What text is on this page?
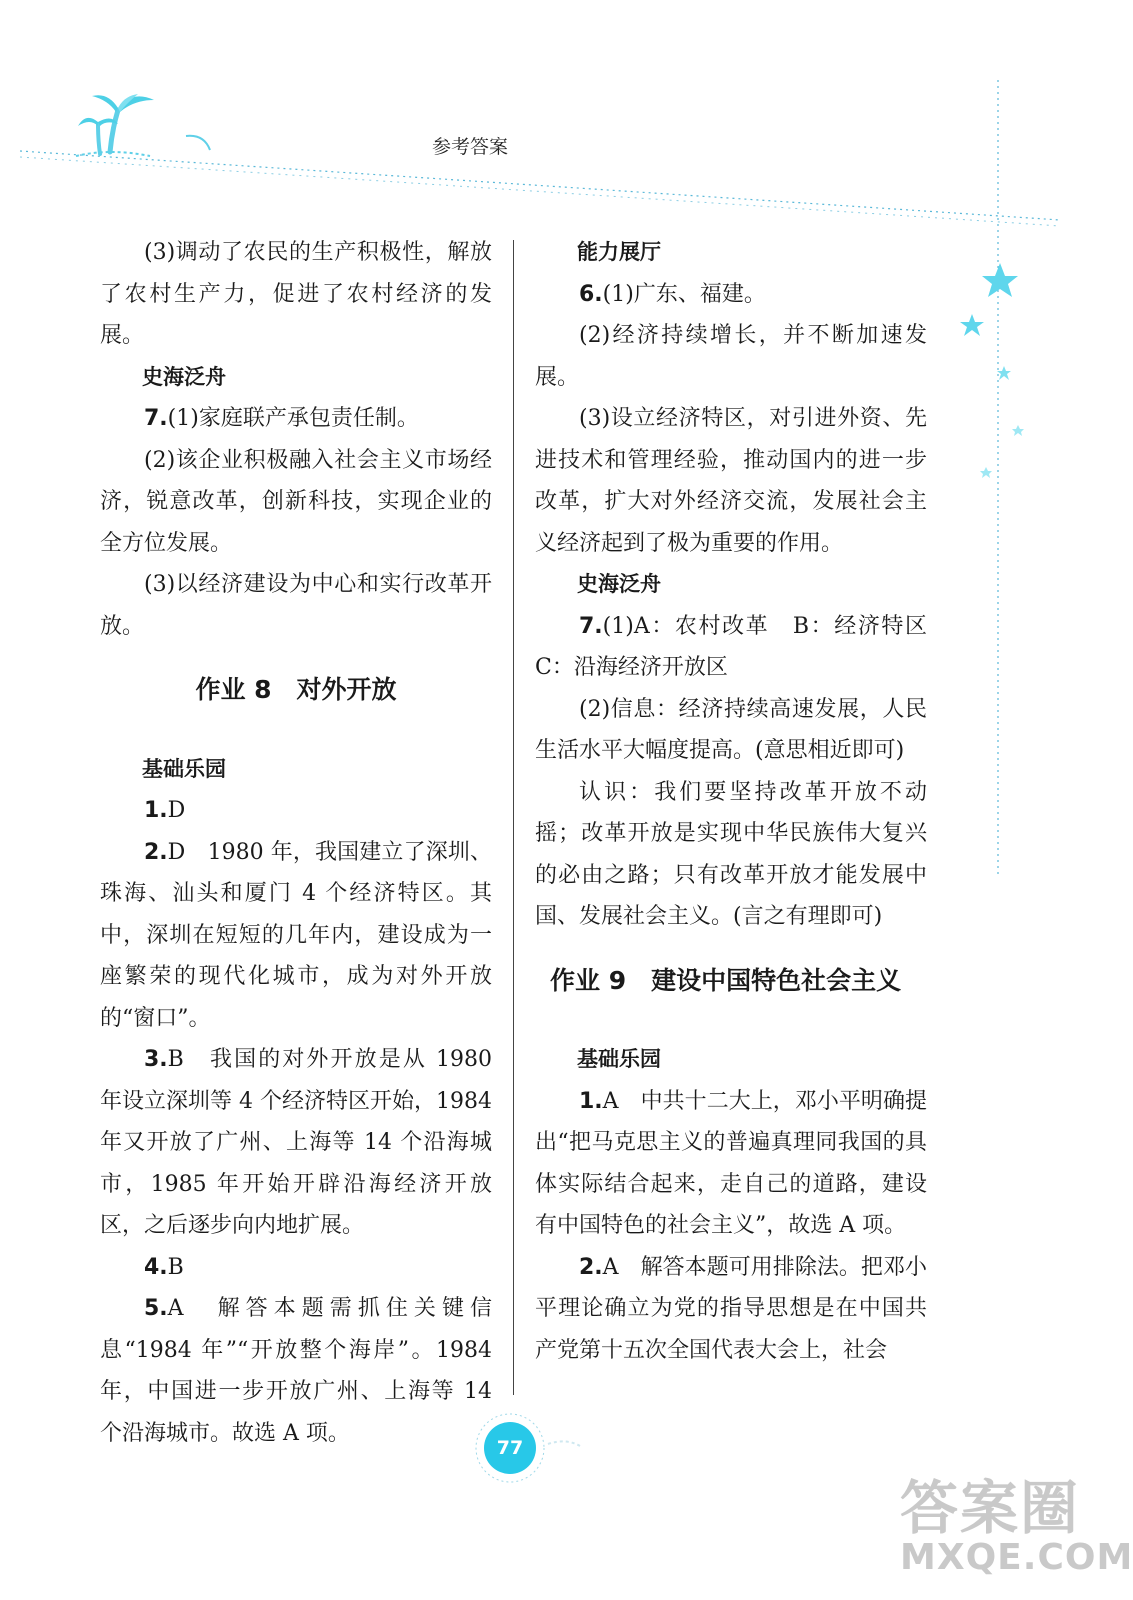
参考答案

(3)调动了农民的生产积极性，解放了农村生产力，促进了农村经济的发展。

史海泛舟

7.(1)家庭联产承包责任制。

(2)该企业积极融入社会主义市场经济，锐意改革，创新科技，实现企业的全方位发展。

(3)以经济建设为中心和实行改革开放。

作业 8　对外开放

基础乐园

1.D

2.D　1980 年，我国建立了深圳、珠海、汕头和厦门 4 个经济特区。其中，深圳在短短的几年内，建设成为一座繁荣的现代化城市，成为对外开放的“窗口”。

3.B　我国的对外开放是从 1980 年设立深圳等 4 个经济特区开始，1984 年又开放了广州、上海等 14 个沿海城市，1985 年开始开辟沿海经济开放区，之后逐步向内地扩展。

4.B

5.A　解答本题需抓住关键信息“1984 年”“开放整个海岸”。1984 年，中国进一步开放广州、上海等 14 个沿海城市。故选 A 项。

能力展厅

6.(1)广东、福建。

(2)经济持续增长，并不断加速发展。

(3)设立经济特区，对引进外资、先进技术和管理经验，推动国内的进一步改革，扩大对外经济交流，发展社会主义经济起到了极为重要的作用。

史海泛舟

7.(1)A：农村改革　B：经济特区　C：沿海经济开放区

(2)信息：经济持续高速发展，人民生活水平大幅度提高。(意思相近即可)

认识：我们要坚持改革开放不动摇；改革开放是实现中华民族伟大复兴的必由之路；只有改革开放才能发展中国、发展社会主义。(言之有理即可)

作业 9　建设中国特色社会主义

基础乐园

1.A　中共十二大上，邓小平明确提出“把马克思主义的普遍真理同我国的具体实际结合起来，走自己的道路，建设有中国特色的社会主义”，故选 A 项。

2.A　解答本题可用排除法。把邓小平理论确立为党的指导思想是在中国共产党第十五次全国代表大会上，社会

77
答案圈
MXQE.COM
